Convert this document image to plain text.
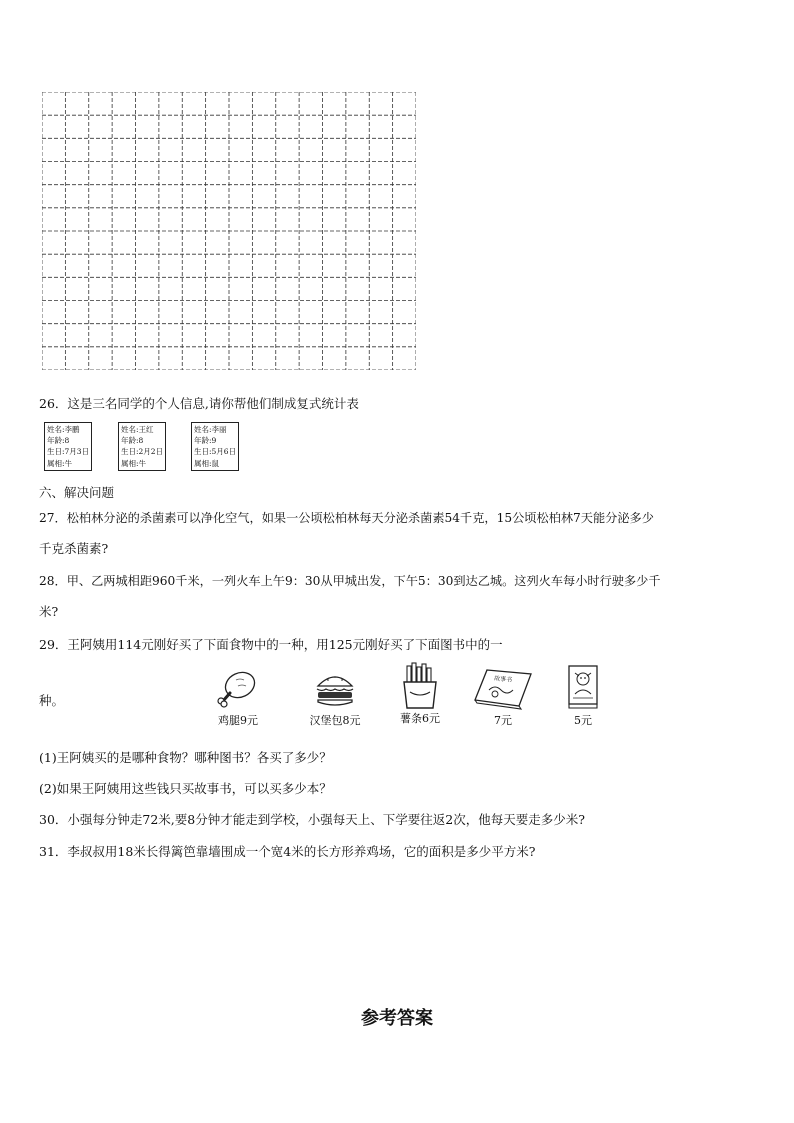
26．这是三名同学的个人信息,请你帮他们制成复式统计表
姓名:李鹏
年龄:8
生日:7月3日
属相:牛
姓名:王红
年龄:8
生日:2月2日
属相:牛
姓名:李丽
年龄:9
生日:5月6日
属相:鼠
六、解决问题
27．松柏林分泌的杀菌素可以净化空气，如果一公顷松柏林每天分泌杀菌素54千克，15公顷松柏林7天能分泌多少
千克杀菌素?
28．甲、乙两城相距960千米，一列火车上午9：30从甲城出发，下午5：30到达乙城。这列火车每小时行驶多少千
米?
29．王阿姨用114元刚好买了下面食物中的一种，用125元刚好买了下面图书中的一
种。
鸡腿9元	汉堡包8元	薯条6元
故事书
7元	5元
(1)王阿姨买的是哪种食物？哪种图书？各买了多少？
(2)如果王阿姨用这些钱只买故事书，可以买多少本？
30．小强每分钟走72米,要8分钟才能走到学校，小强每天上、下学要往返2次，他每天要走多少米?
31．李叔叔用18米长得篱笆靠墙围成一个宽4米的长方形养鸡场，它的面积是多少平方米?
参考答案
